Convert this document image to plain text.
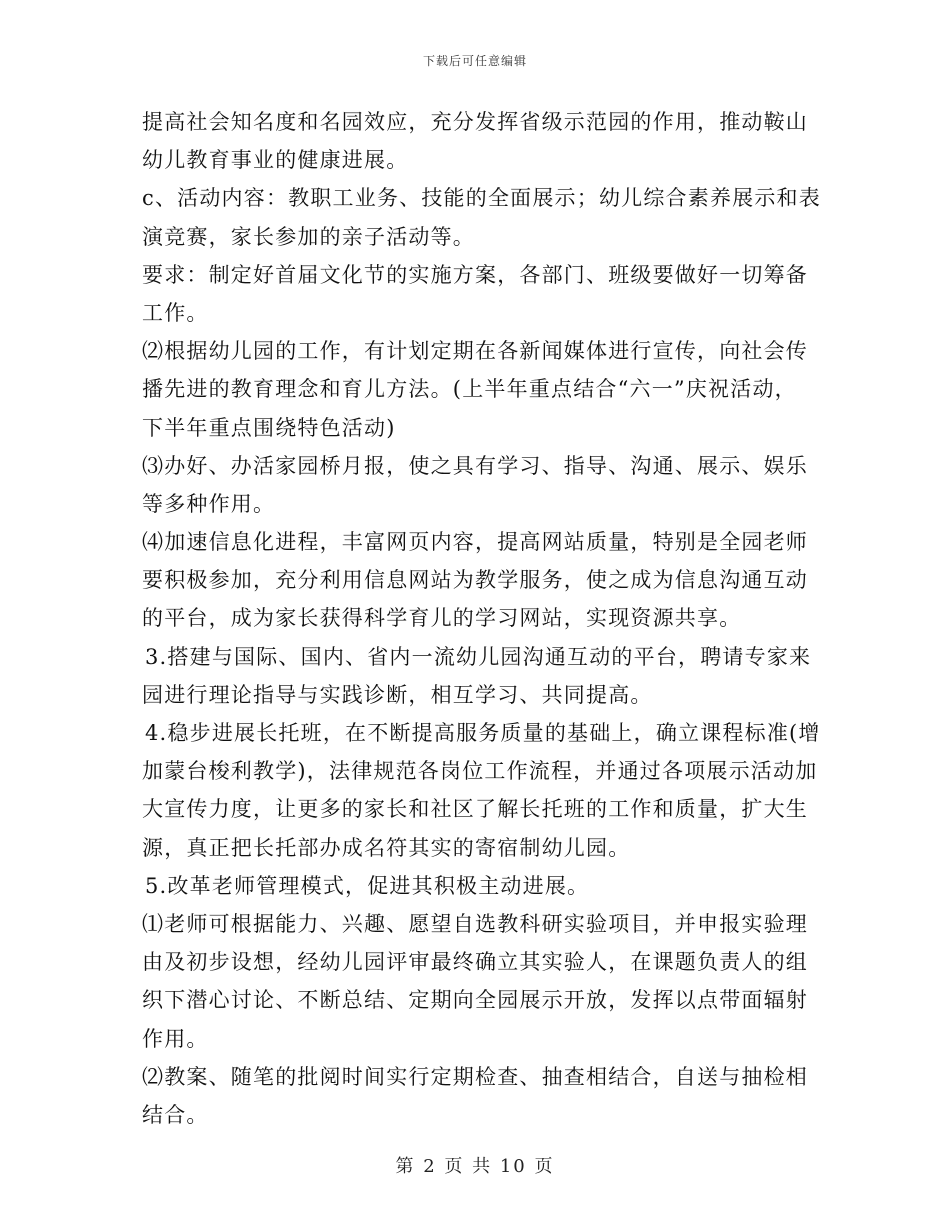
下载后可任意编辑
提高社会知名度和名园效应，充分发挥省级示范园的作用，推动鞍山
幼儿教育事业的健康进展。
c、活动内容：教职工业务、技能的全面展示；幼儿综合素养展示和表
演竞赛，家长参加的亲子活动等。
要求：制定好首届文化节的实施方案，各部门、班级要做好一切筹备
工作。
⑵根据幼儿园的工作，有计划定期在各新闻媒体进行宣传，向社会传
播先进的教育理念和育儿方法。(上半年重点结合“六一”庆祝活动，
下半年重点围绕特色活动)
⑶办好、办活家园桥月报，使之具有学习、指导、沟通、展示、娱乐
等多种作用。
⑷加速信息化进程，丰富网页内容，提高网站质量，特别是全园老师
要积极参加，充分利用信息网站为教学服务，使之成为信息沟通互动
的平台，成为家长获得科学育儿的学习网站，实现资源共享。
3.搭建与国际、国内、省内一流幼儿园沟通互动的平台，聘请专家来
园进行理论指导与实践诊断，相互学习、共同提高。
4.稳步进展长托班，在不断提高服务质量的基础上，确立课程标准(增
加蒙台梭利教学)，法律规范各岗位工作流程，并通过各项展示活动加
大宣传力度，让更多的家长和社区了解长托班的工作和质量，扩大生
源，真正把长托部办成名符其实的寄宿制幼儿园。
5.改革老师管理模式，促进其积极主动进展。
⑴老师可根据能力、兴趣、愿望自选教科研实验项目，并申报实验理
由及初步设想，经幼儿园评审最终确立其实验人，在课题负责人的组
织下潜心讨论、不断总结、定期向全园展示开放，发挥以点带面辐射
作用。
⑵教案、随笔的批阅时间实行定期检查、抽查相结合，自送与抽检相
结合。
第 2 页 共 10 页
